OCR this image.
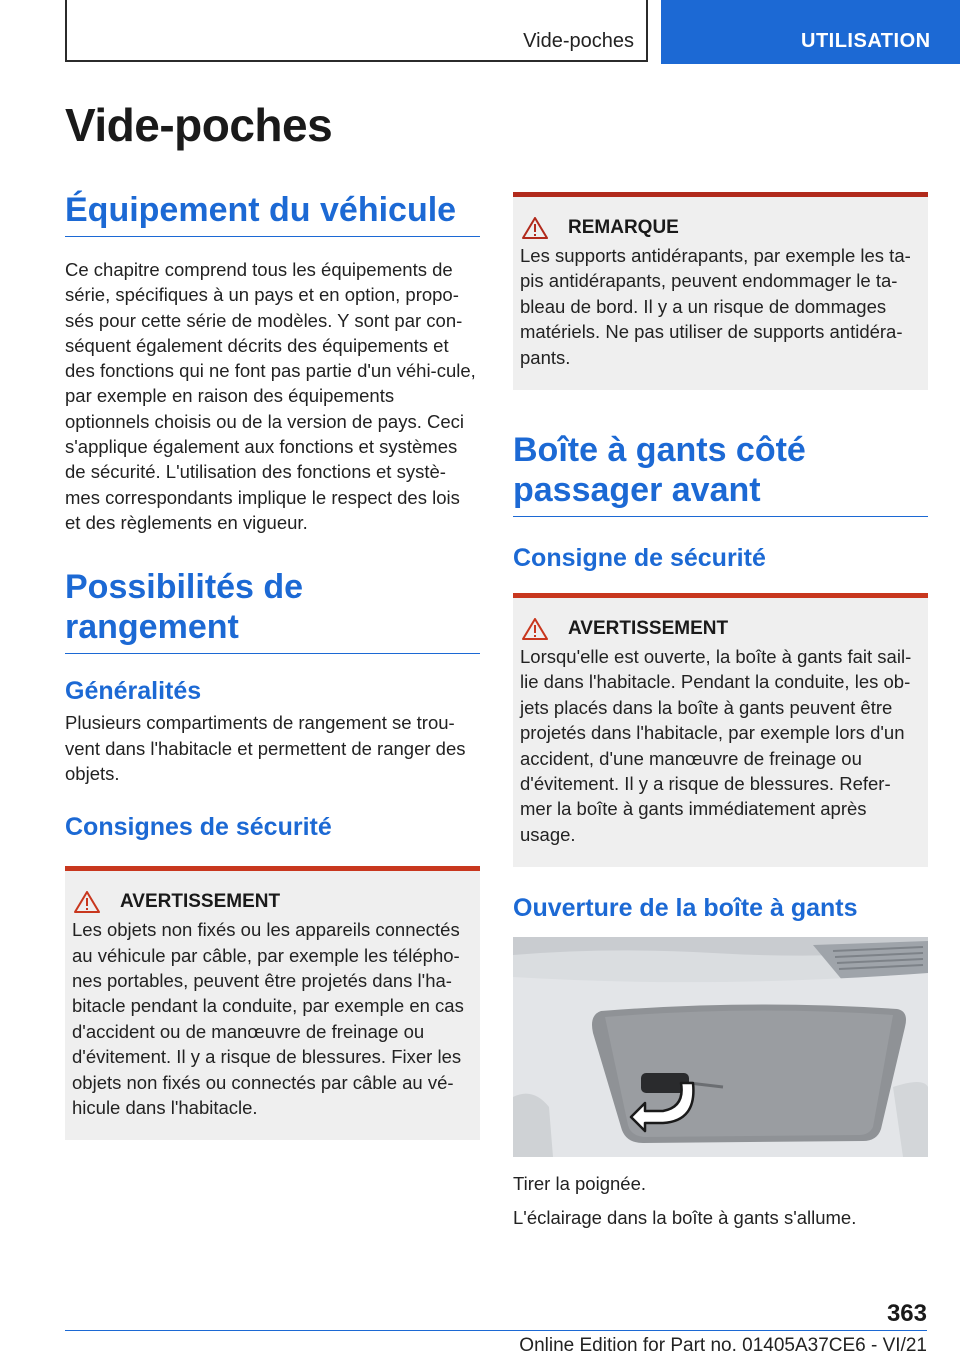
Vide-poches	UTILISATION
Vide-poches
Équipement du véhicule

Ce chapitre comprend tous les équipements de série, spécifiques à un pays et en option, propo-sés pour cette série de modèles. Y sont par con-séquent également décrits des équipements et des fonctions qui ne font pas partie d'un véhi-cule, par exemple en raison des équipements optionnels choisis ou de la version de pays. Ceci s'applique également aux fonctions et systèmes de sécurité. L'utilisation des fonctions et systè-mes correspondants implique le respect des lois et des règlements en vigueur.

Possibilités de rangement
Généralités

Plusieurs compartiments de rangement se trou-vent dans l'habitacle et permettent de ranger des objets.

Consignes de sécurité
AVERTISSEMENT

Les objets non fixés ou les appareils connectés au véhicule par câble, par exemple les télépho-nes portables, peuvent être projetés dans l'ha-bitacle pendant la conduite, par exemple en cas d'accident ou de manœuvre de freinage ou d'évitement. Il y a risque de blessures. Fixer les objets non fixés ou connectés par câble au vé-hicule dans l'habitacle.

REMARQUE

Les supports antidérapants, par exemple les ta-pis antidérapants, peuvent endommager le ta-bleau de bord. Il y a un risque de dommages matériels. Ne pas utiliser de supports antidéra-pants.

Boîte à gants côté passager avant
Consigne de sécurité
AVERTISSEMENT

Lorsqu'elle est ouverte, la boîte à gants fait sail-lie dans l'habitacle. Pendant la conduite, les ob-jets placés dans la boîte à gants peuvent être projetés dans l'habitacle, par exemple lors d'un accident, d'une manœuvre de freinage ou d'évitement. Il y a risque de blessures. Refer-mer la boîte à gants immédiatement après usage.

Ouverture de la boîte à gants

Tirer la poignée.

L'éclairage dans la boîte à gants s'allume.

363
Online Edition for Part no. 01405A37CE6 - VI/21
